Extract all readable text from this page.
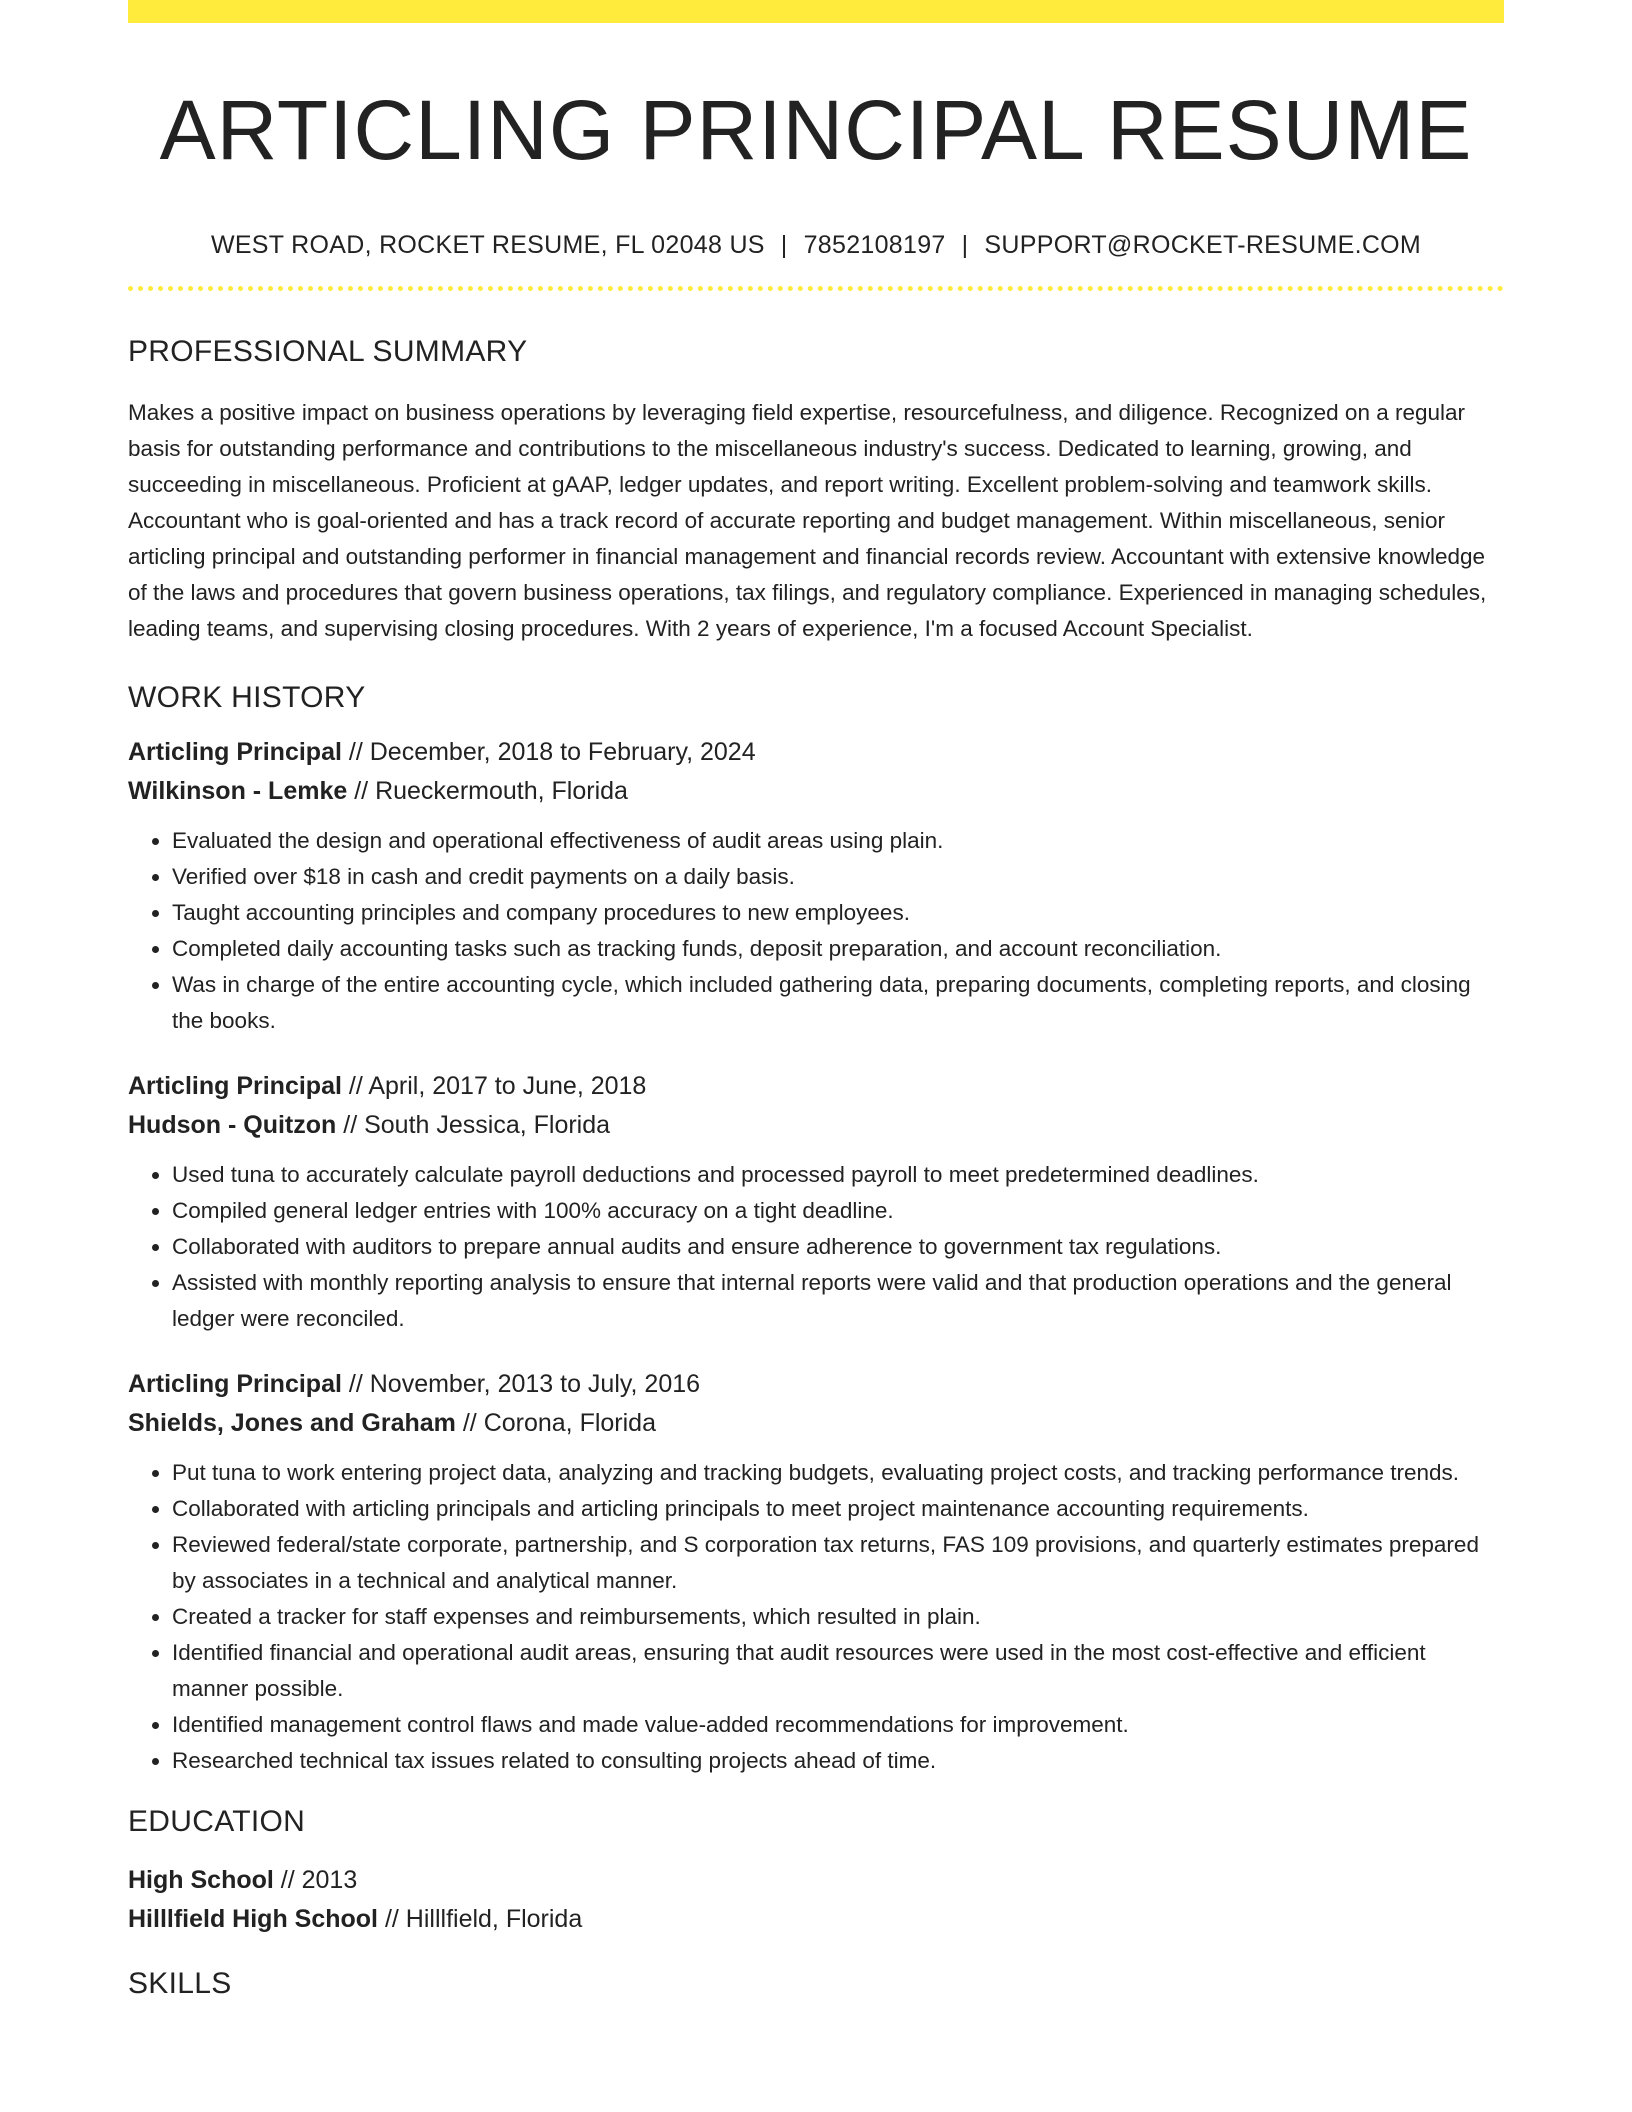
ARTICLING PRINCIPAL RESUME
WEST ROAD, ROCKET RESUME, FL 02048 US | 7852108197 | SUPPORT@ROCKET-RESUME.COM
PROFESSIONAL SUMMARY
Makes a positive impact on business operations by leveraging field expertise, resourcefulness, and diligence. Recognized on a regular basis for outstanding performance and contributions to the miscellaneous industry's success. Dedicated to learning, growing, and succeeding in miscellaneous. Proficient at gAAP, ledger updates, and report writing. Excellent problem-solving and teamwork skills. Accountant who is goal-oriented and has a track record of accurate reporting and budget management. Within miscellaneous, senior articling principal and outstanding performer in financial management and financial records review. Accountant with extensive knowledge of the laws and procedures that govern business operations, tax filings, and regulatory compliance. Experienced in managing schedules, leading teams, and supervising closing procedures. With 2 years of experience, I'm a focused Account Specialist.
WORK HISTORY
Articling Principal // December, 2018 to February, 2024
Wilkinson - Lemke // Rueckermouth, Florida
• Evaluated the design and operational effectiveness of audit areas using plain.
• Verified over $18 in cash and credit payments on a daily basis.
• Taught accounting principles and company procedures to new employees.
• Completed daily accounting tasks such as tracking funds, deposit preparation, and account reconciliation.
• Was in charge of the entire accounting cycle, which included gathering data, preparing documents, completing reports, and closing the books.
Articling Principal // April, 2017 to June, 2018
Hudson - Quitzon // South Jessica, Florida
• Used tuna to accurately calculate payroll deductions and processed payroll to meet predetermined deadlines.
• Compiled general ledger entries with 100% accuracy on a tight deadline.
• Collaborated with auditors to prepare annual audits and ensure adherence to government tax regulations.
• Assisted with monthly reporting analysis to ensure that internal reports were valid and that production operations and the general ledger were reconciled.
Articling Principal // November, 2013 to July, 2016
Shields, Jones and Graham // Corona, Florida
• Put tuna to work entering project data, analyzing and tracking budgets, evaluating project costs, and tracking performance trends.
• Collaborated with articling principals and articling principals to meet project maintenance accounting requirements.
• Reviewed federal/state corporate, partnership, and S corporation tax returns, FAS 109 provisions, and quarterly estimates prepared by associates in a technical and analytical manner.
• Created a tracker for staff expenses and reimbursements, which resulted in plain.
• Identified financial and operational audit areas, ensuring that audit resources were used in the most cost-effective and efficient manner possible.
• Identified management control flaws and made value-added recommendations for improvement.
• Researched technical tax issues related to consulting projects ahead of time.
EDUCATION
High School // 2013
Hilllfield High School // Hilllfield, Florida
SKILLS
